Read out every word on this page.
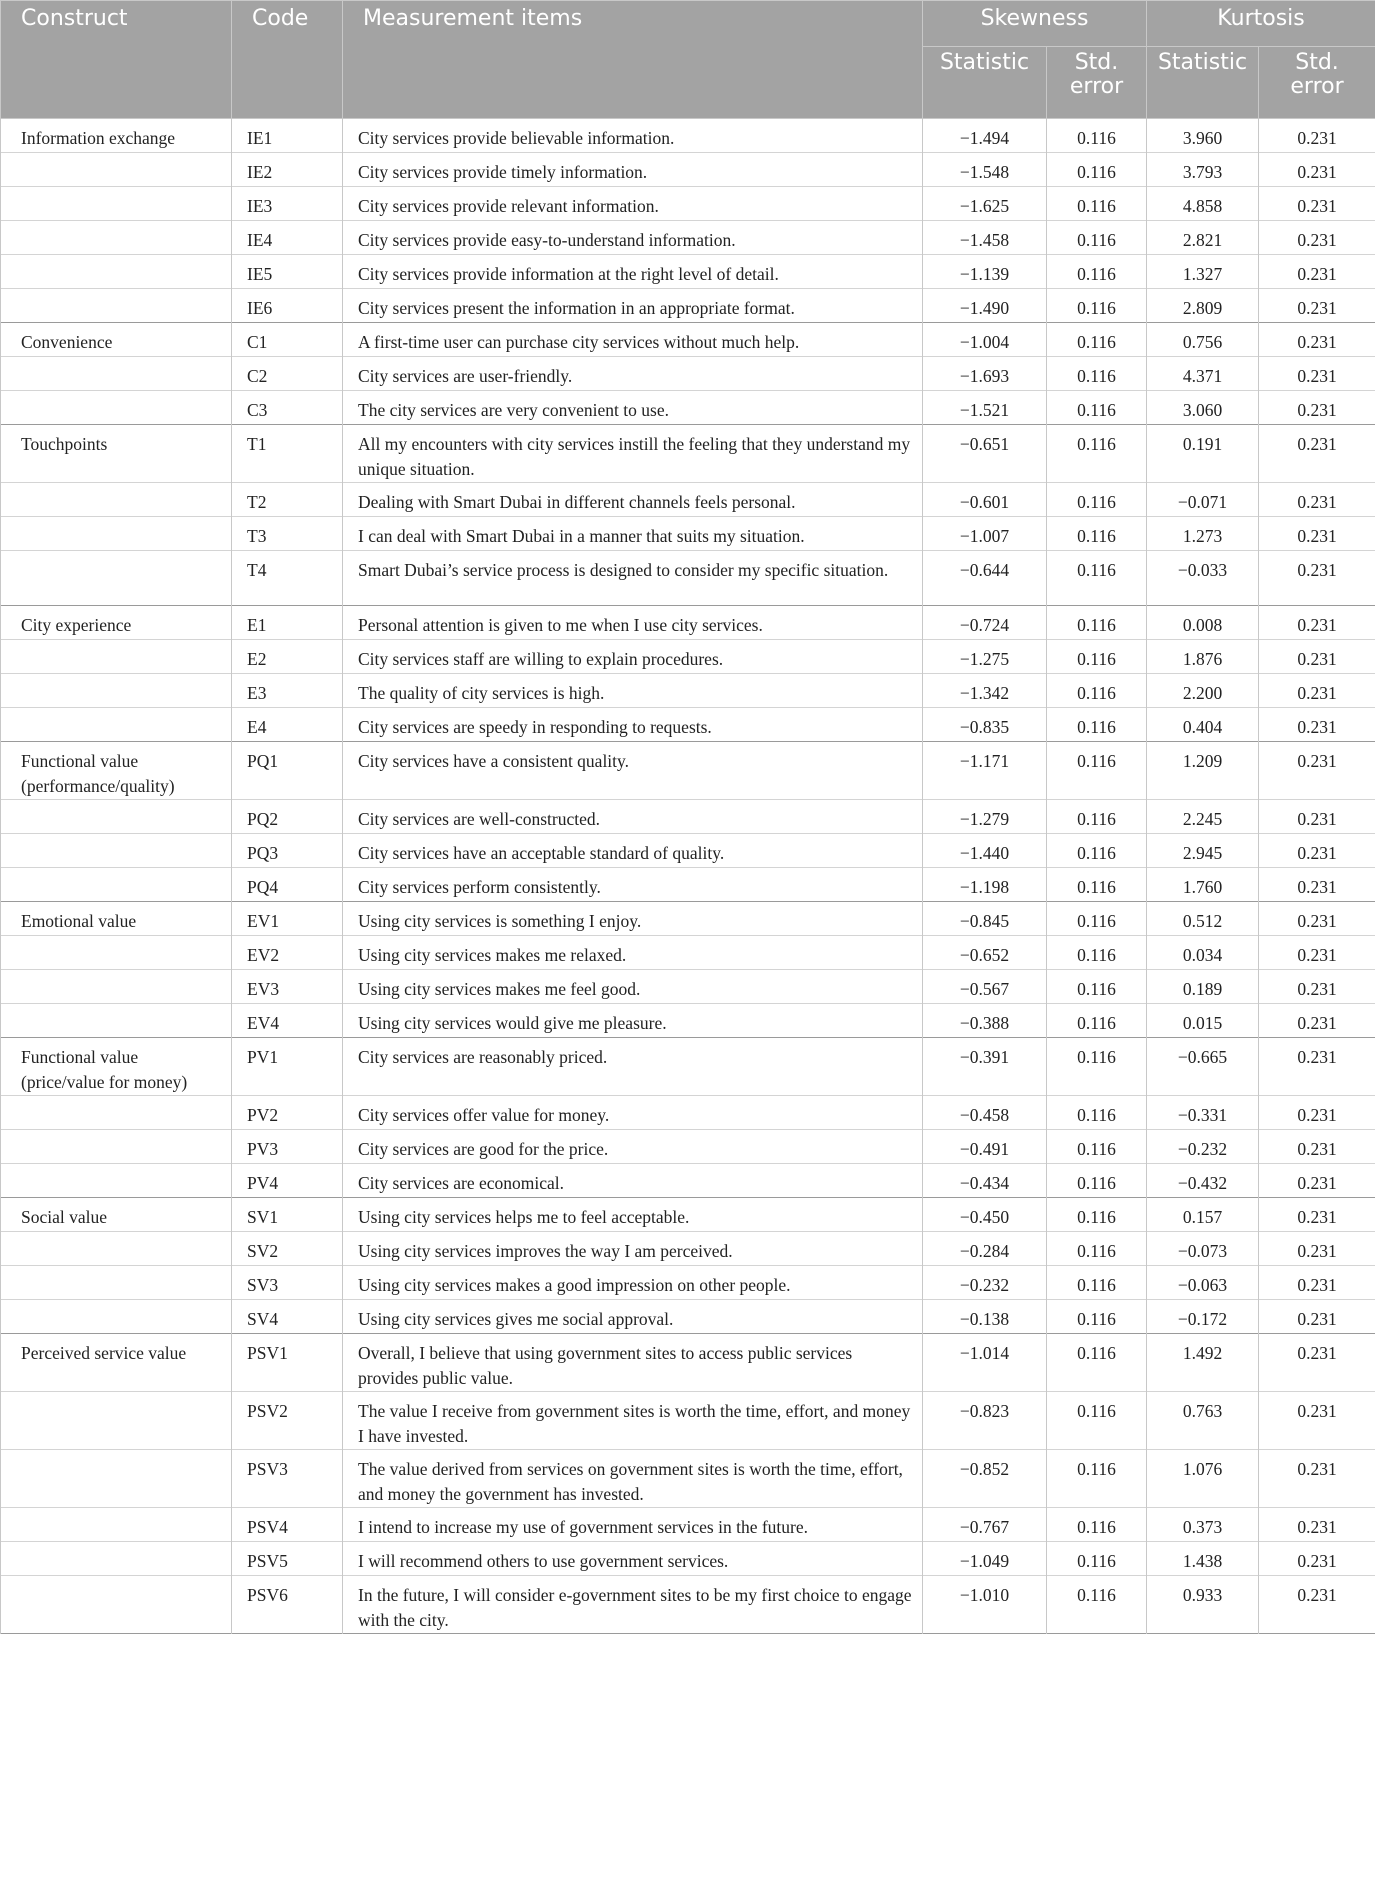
Construct	Code	Measurement items	Skewness		Kurtosis	
			Statistic	Std. error	Statistic	Std. error
Information exchange	IE1	City services provide believable information.	−1.494	0.116	3.960	0.231
	IE2	City services provide timely information.	−1.548	0.116	3.793	0.231
	IE3	City services provide relevant information.	−1.625	0.116	4.858	0.231
	IE4	City services provide easy-to-understand information.	−1.458	0.116	2.821	0.231
	IE5	City services provide information at the right level of detail.	−1.139	0.116	1.327	0.231
	IE6	City services present the information in an appropriate format.	−1.490	0.116	2.809	0.231
Convenience	C1	A first-time user can purchase city services without much help.	−1.004	0.116	0.756	0.231
	C2	City services are user-friendly.	−1.693	0.116	4.371	0.231
	C3	The city services are very convenient to use.	−1.521	0.116	3.060	0.231
Touchpoints	T1	All my encounters with city services instill the feeling that they understand my unique situation.	−0.651	0.116	0.191	0.231
	T2	Dealing with Smart Dubai in different channels feels personal.	−0.601	0.116	−0.071	0.231
	T3	I can deal with Smart Dubai in a manner that suits my situation.	−1.007	0.116	1.273	0.231
	T4	Smart Dubai’s service process is designed to consider my specific situation.	−0.644	0.116	−0.033	0.231
City experience	E1	Personal attention is given to me when I use city services.	−0.724	0.116	0.008	0.231
	E2	City services staff are willing to explain procedures.	−1.275	0.116	1.876	0.231
	E3	The quality of city services is high.	−1.342	0.116	2.200	0.231
	E4	City services are speedy in responding to requests.	−0.835	0.116	0.404	0.231
Functional value (performance/quality)	PQ1	City services have a consistent quality.	−1.171	0.116	1.209	0.231
	PQ2	City services are well-constructed.	−1.279	0.116	2.245	0.231
	PQ3	City services have an acceptable standard of quality.	−1.440	0.116	2.945	0.231
	PQ4	City services perform consistently.	−1.198	0.116	1.760	0.231
Emotional value	EV1	Using city services is something I enjoy.	−0.845	0.116	0.512	0.231
	EV2	Using city services makes me relaxed.	−0.652	0.116	0.034	0.231
	EV3	Using city services makes me feel good.	−0.567	0.116	0.189	0.231
	EV4	Using city services would give me pleasure.	−0.388	0.116	0.015	0.231
Functional value (price/value for money)	PV1	City services are reasonably priced.	−0.391	0.116	−0.665	0.231
	PV2	City services offer value for money.	−0.458	0.116	−0.331	0.231
	PV3	City services are good for the price.	−0.491	0.116	−0.232	0.231
	PV4	City services are economical.	−0.434	0.116	−0.432	0.231
Social value	SV1	Using city services helps me to feel acceptable.	−0.450	0.116	0.157	0.231
	SV2	Using city services improves the way I am perceived.	−0.284	0.116	−0.073	0.231
	SV3	Using city services makes a good impression on other people.	−0.232	0.116	−0.063	0.231
	SV4	Using city services gives me social approval.	−0.138	0.116	−0.172	0.231
Perceived service value	PSV1	Overall, I believe that using government sites to access public services provides public value.	−1.014	0.116	1.492	0.231
	PSV2	The value I receive from government sites is worth the time, effort, and money I have invested.	−0.823	0.116	0.763	0.231
	PSV3	The value derived from services on government sites is worth the time, effort, and money the government has invested.	−0.852	0.116	1.076	0.231
	PSV4	I intend to increase my use of government services in the future.	−0.767	0.116	0.373	0.231
	PSV5	I will recommend others to use government services.	−1.049	0.116	1.438	0.231
	PSV6	In the future, I will consider e-government sites to be my first choice to engage with the city.	−1.010	0.116	0.933	0.231
